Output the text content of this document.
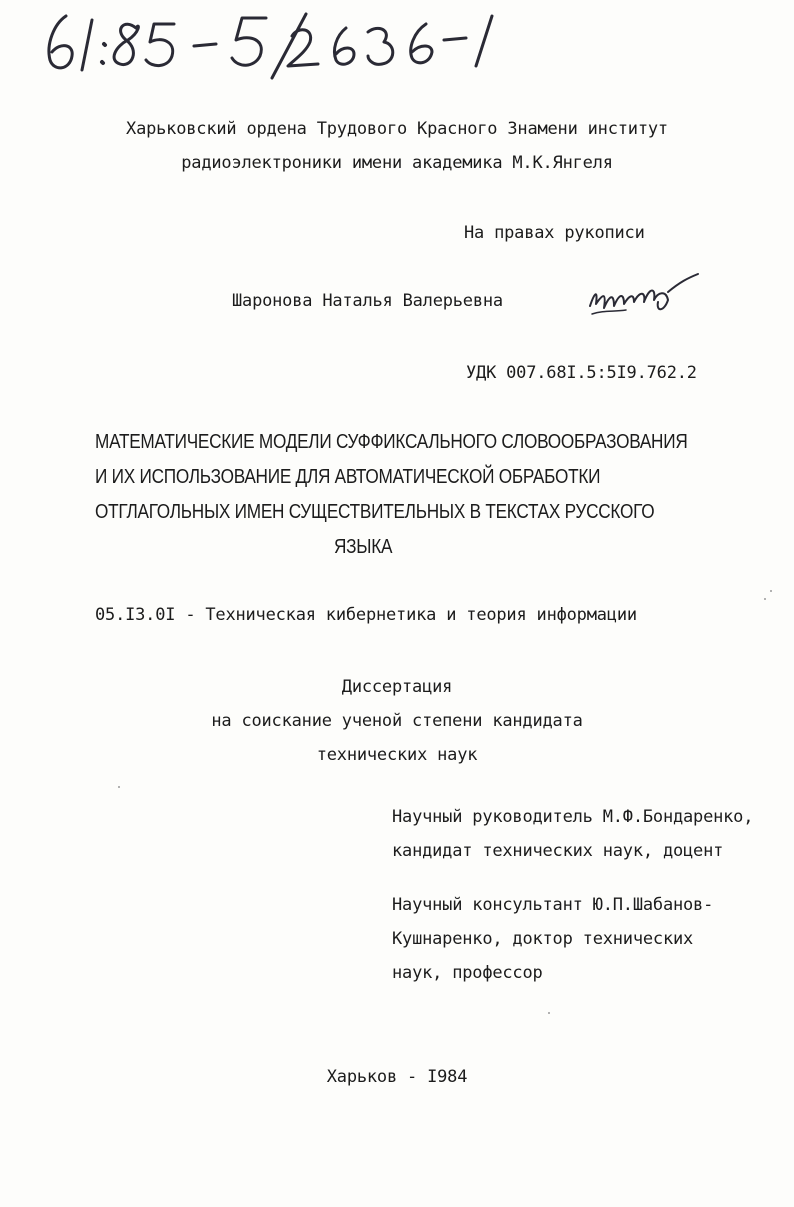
Харьковский ордена Трудового Красного Знамени институт
радиоэлектроники имени академика М.К.Янгеля
На правах рукописи
Шаронова Наталья Валерьевна
УДК 007.68I.5:5I9.762.2
МАТЕМАТИЧЕСКИЕ МОДЕЛИ СУФФИКСАЛЬНОГО СЛОВООБРАЗОВАНИЯ
И ИХ ИСПОЛЬЗОВАНИЕ ДЛЯ АВТОМАТИЧЕСКОЙ ОБРАБОТКИ
ОТГЛАГОЛЬНЫХ ИМЕН СУЩЕСТВИТЕЛЬНЫХ В ТЕКСТАХ РУССКОГО
ЯЗЫКА
05.I3.0I - Техническая кибернетика и теория информации
Диссертация
на соискание ученой степени кандидата
технических наук
Научный руководитель М.Ф.Бондаренко,
кандидат технических наук, доцент
Научный консультант Ю.П.Шабанов-
Кушнаренко, доктор технических
наук, профессор
Харьков - I984
